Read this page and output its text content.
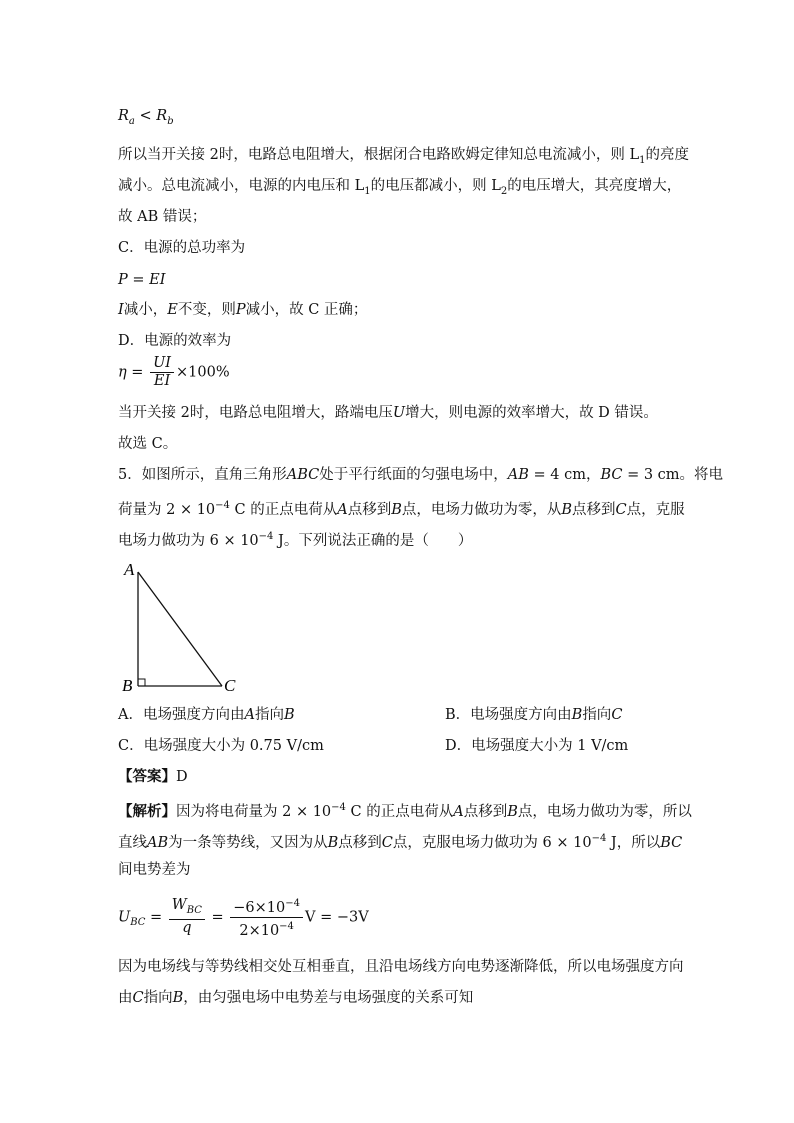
$R_a < R_b$
所以当开关接 2时，电路总电阻增大，根据闭合电路欧姆定律知总电流减小，则 $L_1$的亮度
减小。总电流减小，电源的内电压和 $L_1$的电压都减小，则 $L_2$的电压增大，其亮度增大，
故 AB 错误；
C．电源的总功率为
P = EI
I减小，E不变，则P减小，故 C 正确；
D．电源的效率为
$\eta = \frac{UI}{EI} \times 100\%$
当开关接 2时，电路总电阻增大，路端电压U增大，则电源的效率增大，故 D 错误。
故选 C。
5．如图所示，直角三角形ABC处于平行纸面的匀强电场中，AB = 4 cm，BC = 3 cm。将电
荷量为 $2 \times 10^{-4}$ C 的正点电荷从A点移到B点，电场力做功为零，从B点移到C点，克服
电场力做功为 $6 \times 10^{-4}$ J。下列说法正确的是（　　）
A
B	C
A．电场强度方向由A指向B	B．电场强度方向由B指向C
C．电场强度大小为 0.75 V/cm	D．电场强度大小为 1 V/cm
【答案】D
【解析】因为将电荷量为 $2 \times 10^{-4}$ C 的正点电荷从A点移到B点，电场力做功为零，所以
直线AB为一条等势线，又因为从B点移到C点，克服电场力做功为 $6 \times 10^{-4}$ J，所以BC
间电势差为
$U_{BC} = \frac{W_{BC}}{q} = \frac{-6\times 10^{-4}}{2\times 10^{-4}}$ V = −3V
因为电场线与等势线相交处互相垂直，且沿电场线方向电势逐渐降低，所以电场强度方向
由C指向B，由匀强电场中电势差与电场强度的关系可知
